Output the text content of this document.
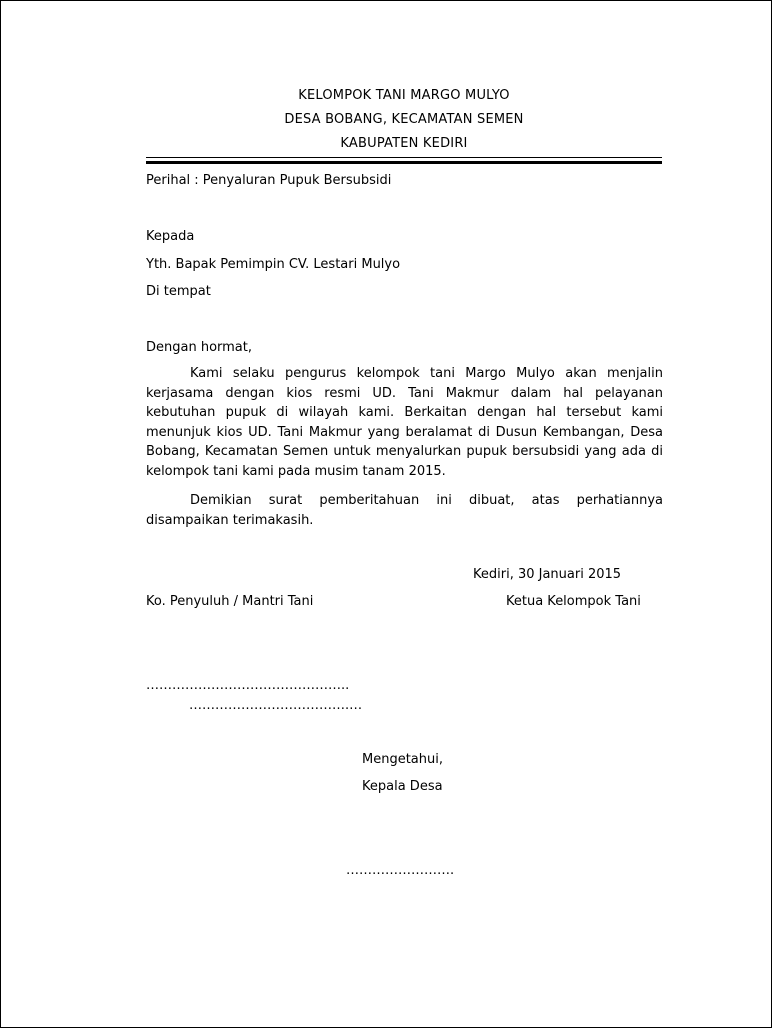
KELOMPOK TANI MARGO MULYO
DESA BOBANG, KECAMATAN SEMEN
KABUPATEN KEDIRI
Perihal : Penyaluran Pupuk Bersubsidi
Kepada
Yth. Bapak Pemimpin CV. Lestari Mulyo
Di tempat
Dengan hormat,
Kami selaku pengurus kelompok tani Margo Mulyo akan menjalin kerjasama dengan kios resmi UD. Tani Makmur dalam hal pelayanan kebutuhan pupuk di wilayah kami. Berkaitan dengan hal tersebut kami menunjuk kios UD. Tani Makmur yang beralamat di Dusun Kembangan, Desa Bobang, Kecamatan Semen untuk menyalurkan pupuk bersubsidi yang ada di kelompok tani kami pada musim tanam 2015.
Demikian surat pemberitahuan ini dibuat, atas perhatiannya disampaikan terimakasih.
Kediri, 30 Januari 2015
Ko. Penyuluh / Mantri Tani	Ketua Kelompok Tani
………………………………………..
……………………………….…
Mengetahui,
Kepala Desa
…………………….
